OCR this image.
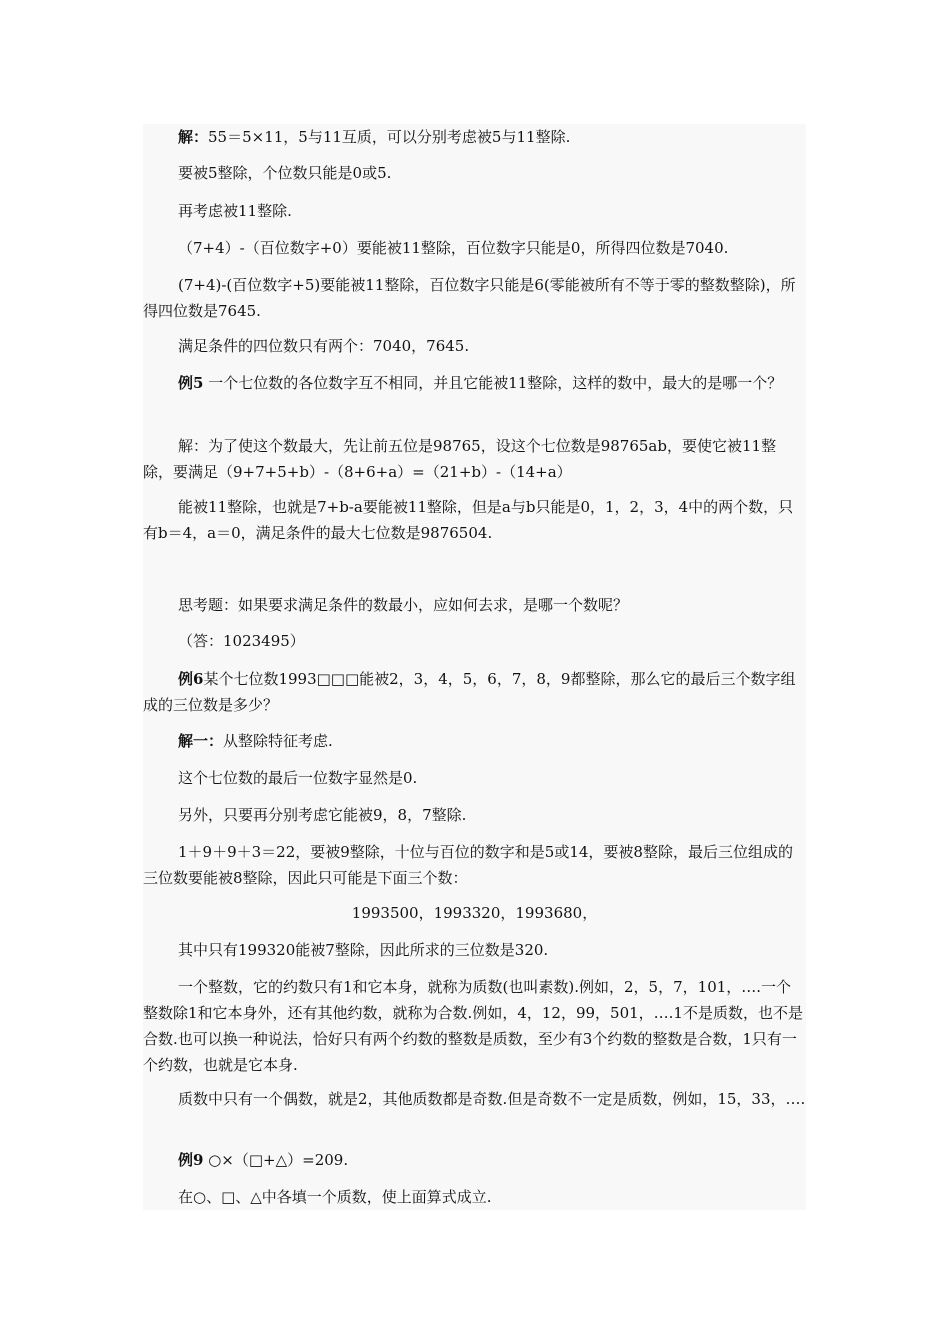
解：55＝5×11，5与11互质，可以分别考虑被5与11整除.
要被5整除，个位数只能是0或5.
再考虑被11整除.
（7+4）-（百位数字+0）要能被11整除，百位数字只能是0，所得四位数是7040.
(7+4)-(百位数字+5)要能被11整除，百位数字只能是6(零能被所有不等于零的整数整除)，所得四位数是7645.
满足条件的四位数只有两个：7040，7645.
例5 一个七位数的各位数字互不相同，并且它能被11整除，这样的数中，最大的是哪一个？
解：为了使这个数最大，先让前五位是98765，设这个七位数是98765ab，要使它被11整除，要满足（9+7+5+b）-（8+6+a）=（21+b）-（14+a）
能被11整除，也就是7+b-a要能被11整除，但是a与b只能是0，1，2，3，4中的两个数，只有b＝4，a＝0，满足条件的最大七位数是9876504.
思考题：如果要求满足条件的数最小，应如何去求，是哪一个数呢？
（答：1023495）
例6某个七位数1993□□□能被2，3，4，5，6，7，8，9都整除，那么它的最后三个数字组成的三位数是多少？
解一：从整除特征考虑.
这个七位数的最后一位数字显然是0.
另外，只要再分别考虑它能被9，8，7整除.
1＋9＋9＋3＝22，要被9整除，十位与百位的数字和是5或14，要被8整除，最后三位组成的三位数要能被8整除，因此只可能是下面三个数：
1993500，1993320，1993680，
其中只有199320能被7整除，因此所求的三位数是320.
一个整数，它的约数只有1和它本身，就称为质数(也叫素数).例如，2，5，7，101，….一个整数除1和它本身外，还有其他约数，就称为合数.例如，4，12，99，501，….1不是质数，也不是合数.也可以换一种说法，恰好只有两个约数的整数是质数，至少有3个约数的整数是合数，1只有一个约数，也就是它本身.
质数中只有一个偶数，就是2，其他质数都是奇数.但是奇数不一定是质数，例如，15，33，….
例9 ○×（□+△）=209.
在○、□、△中各填一个质数，使上面算式成立.
